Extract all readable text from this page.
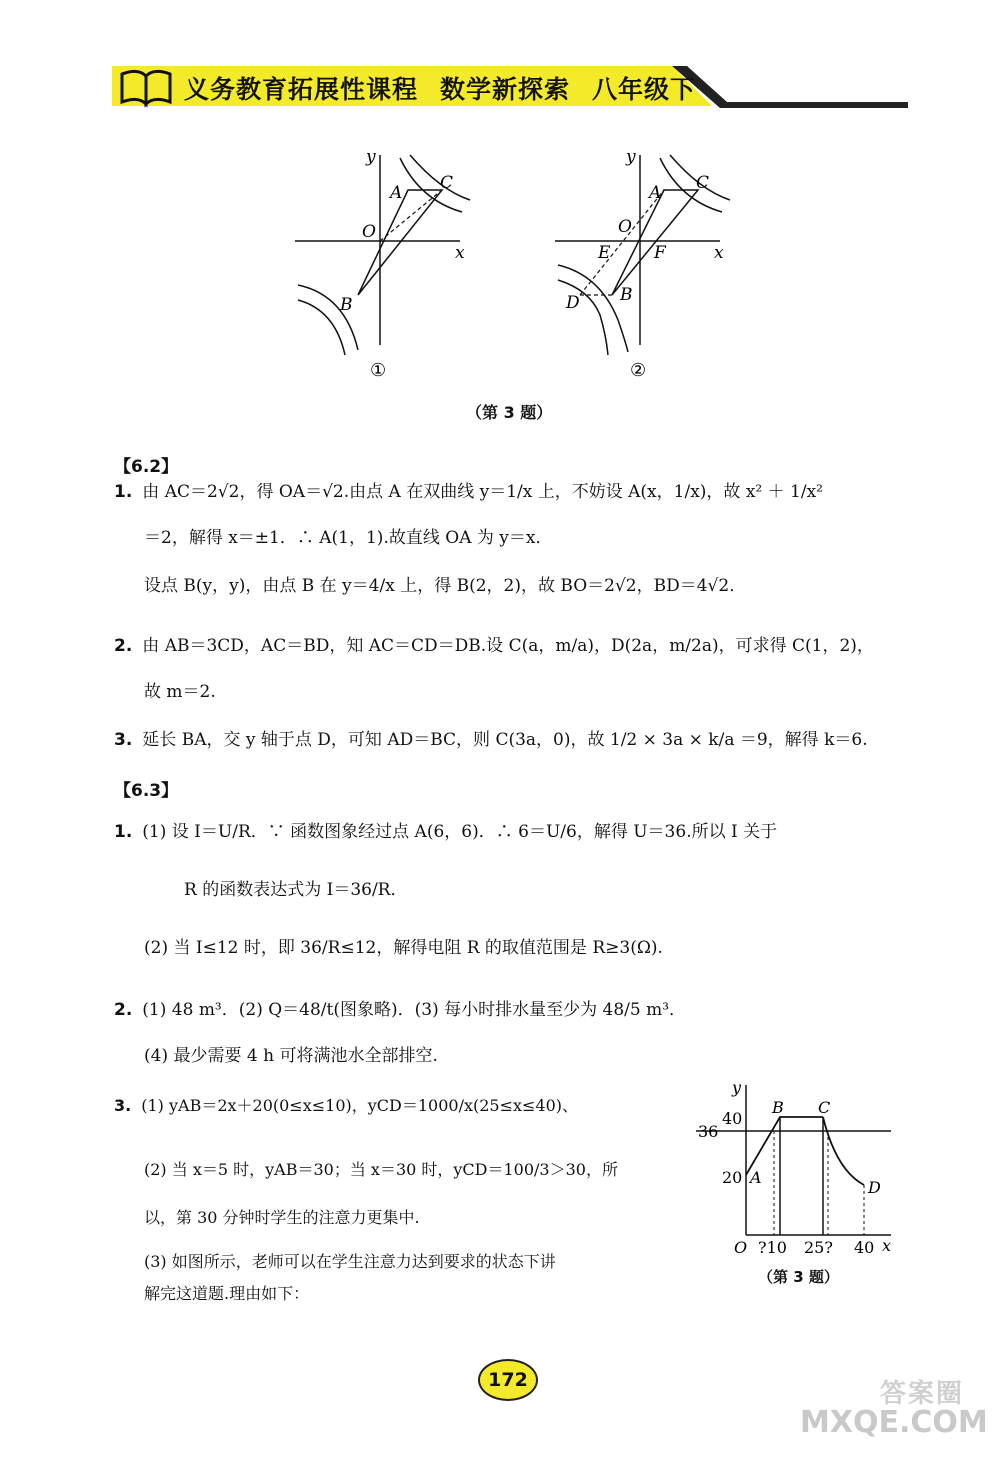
义务教育拓展性课程 数学新探索 八年级下
y
x
O
A
B
C
①
y
x
O
A
B
C
D
E	F
②
（第 3 题）
【6.2】
1. 由 AC＝2√2，得 OA＝√2.由点 A 在双曲线 y＝1/x 上，不妨设 A(x，1/x)，故 x² ＋ 1/x²
＝2，解得 x＝±1．∴ A(1，1).故直线 OA 为 y＝x．
设点 B(y，y)，由点 B 在 y＝4/x 上，得 B(2，2)，故 BO＝2√2，BD＝4√2．
2. 由 AB＝3CD，AC＝BD，知 AC＝CD＝DB.设 C(a，m/a)，D(2a，m/2a)，可求得 C(1，2)，
故 m＝2.
3. 延长 BA，交 y 轴于点 D，可知 AD＝BC，则 C(3a，0)，故 1/2 × 3a × k/a ＝9，解得 k＝6.
【6.3】
1. (1) 设 I＝U/R．∵ 函数图象经过点 A(6，6)．∴ 6＝U/6，解得 U＝36.所以 I 关于
R 的函数表达式为 I＝36/R．
(2) 当 I≤12 时，即 36/R≤12，解得电阻 R 的取值范围是 R≥3(Ω).
2. (1) 48 m³．(2) Q＝48/t(图象略)．(3) 每小时排水量至少为 48/5 m³．
(4) 最少需要 4 h 可将满池水全部排空.
3. (1) yAB＝2x＋20(0≤x≤10)，yCD＝1000/x(25≤x≤40)、
(2) 当 x＝5 时，yAB＝30；当 x＝30 时，yCD＝100/3＞30，所
以，第 30 分钟时学生的注意力更集中.
(3) 如图所示，老师可以在学生注意力达到要求的状态下讲
解完这道题.理由如下：
y
x
O
40
36
20
?10 25? 40
A
B C
D
（第 3 题）
172	答案圈
MXQE.COM
